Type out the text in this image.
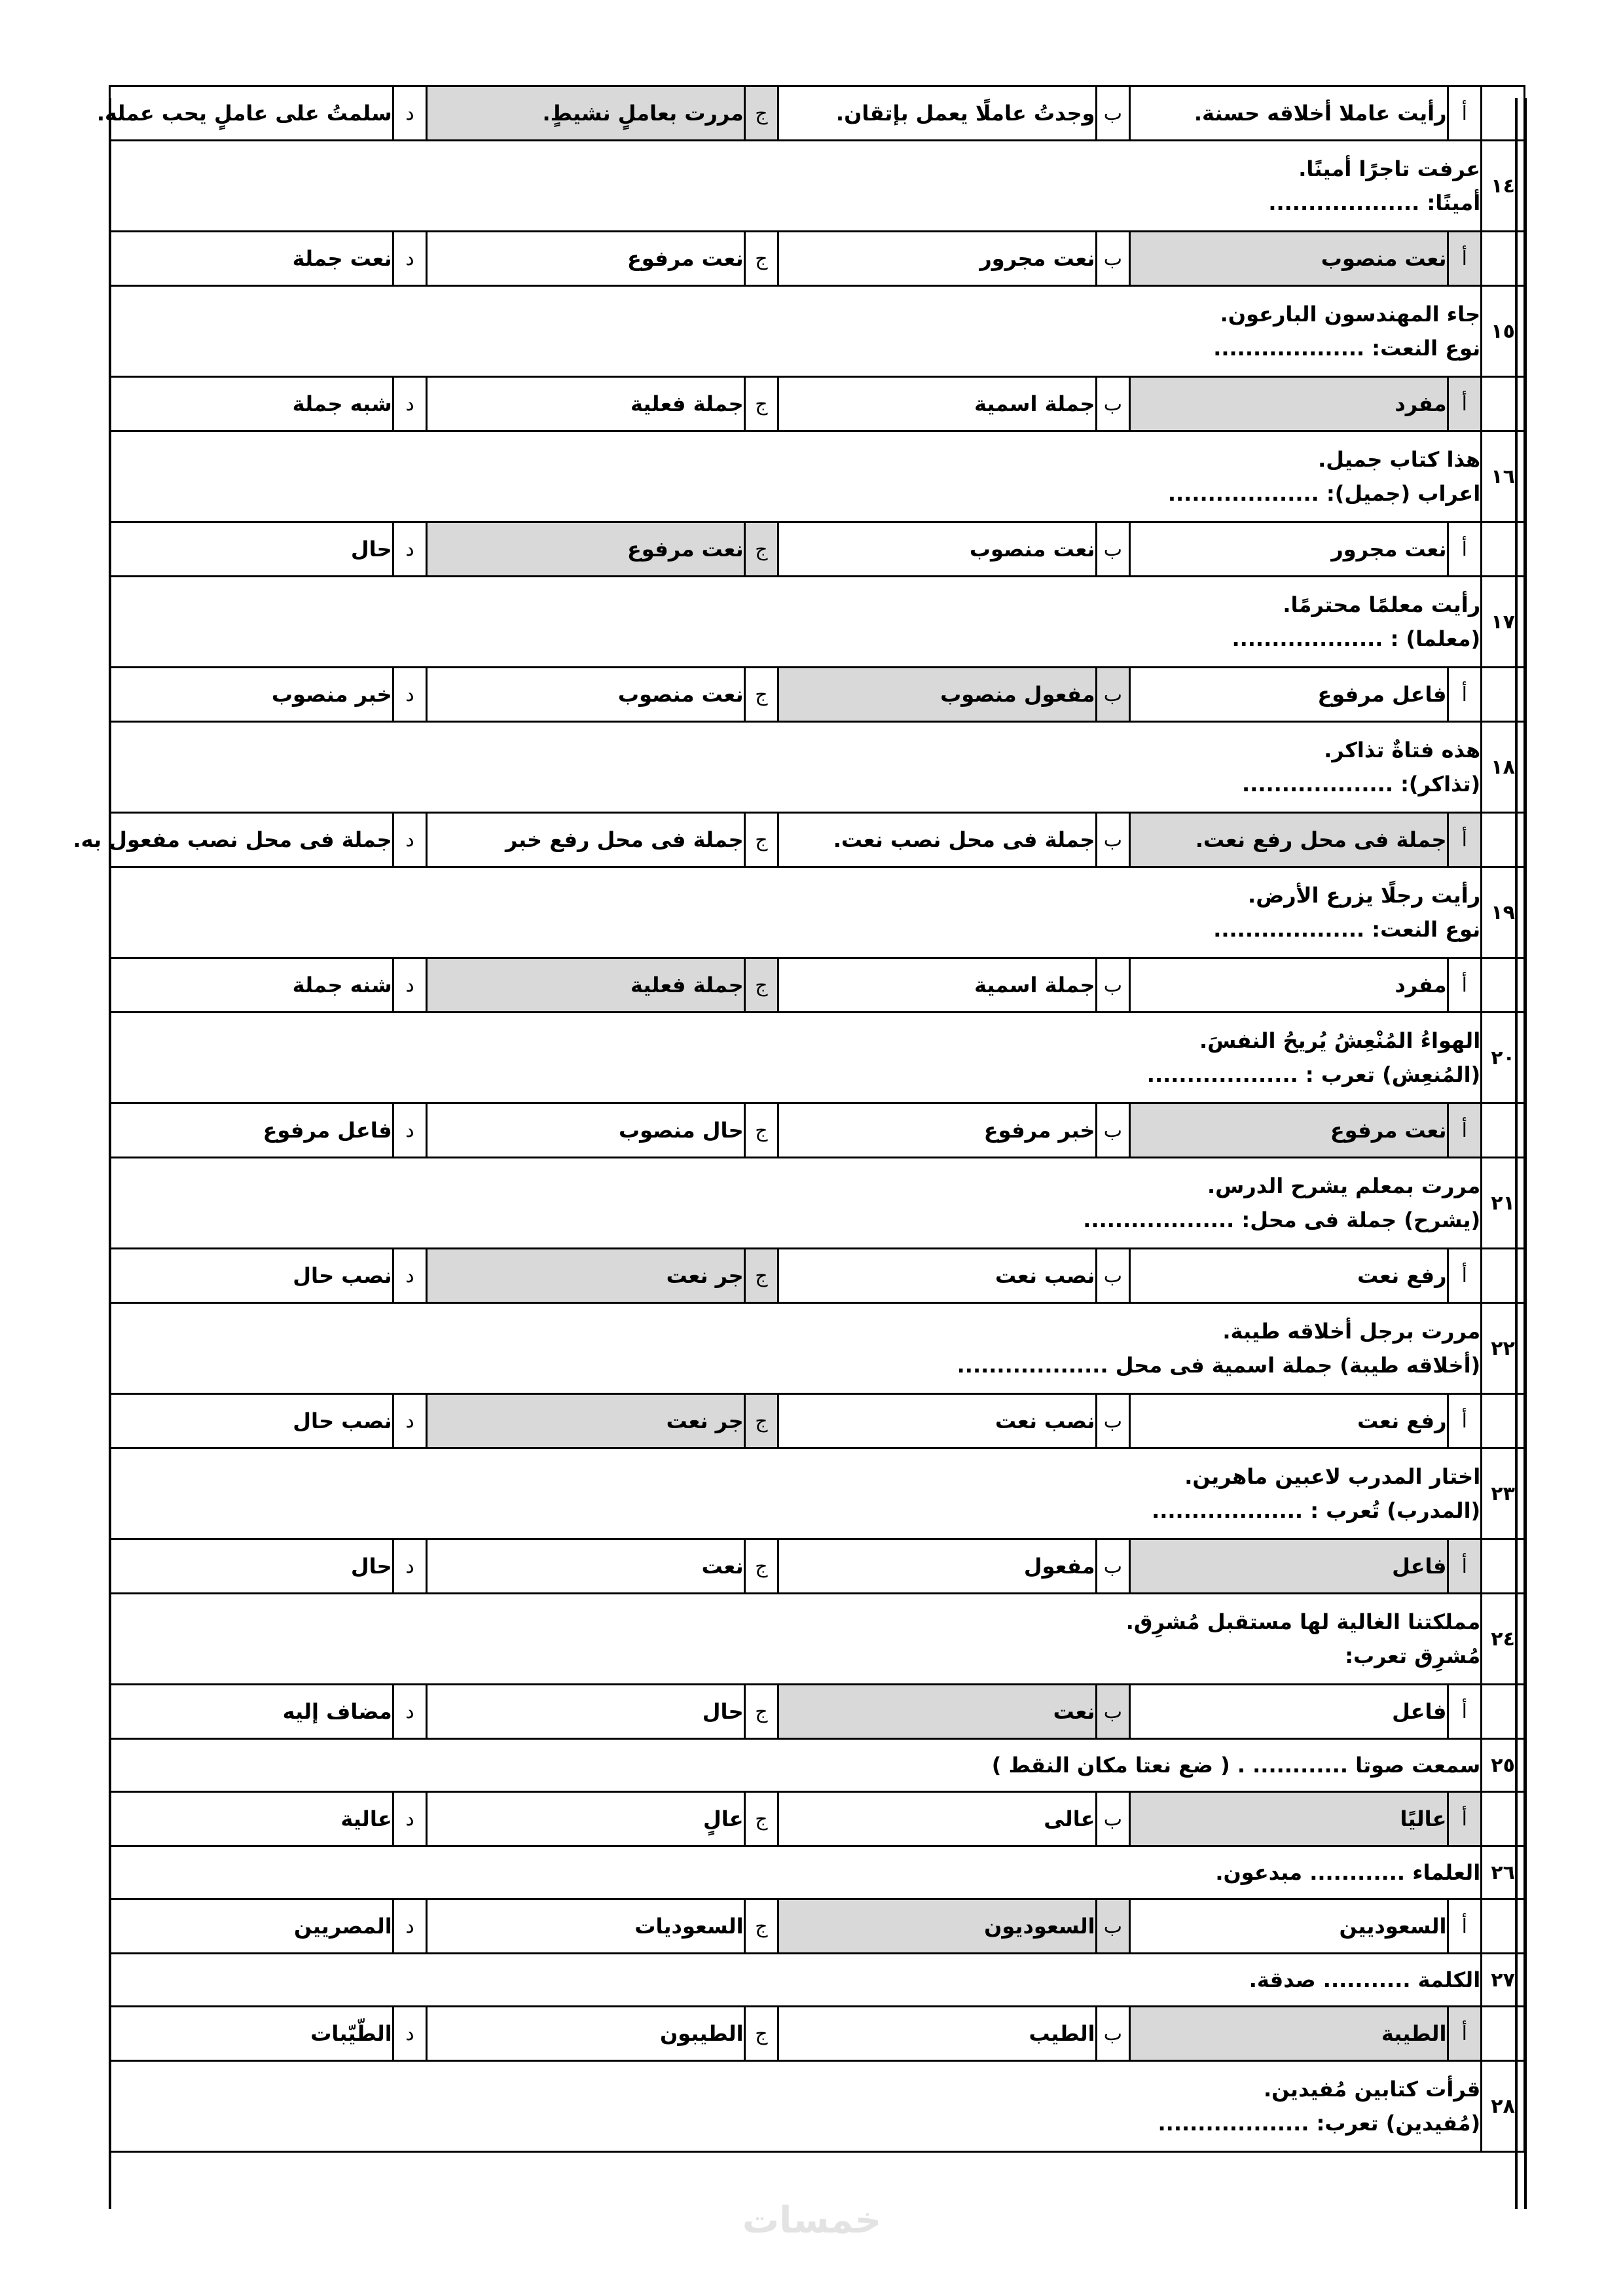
	أ	رأيت عاملا أخلاقه حسنة.	ب	وجدتُ عاملًا يعمل بإتقان.	ج	مررت بعاملٍ نشيطٍ.	د	سلمتُ على عاملٍ يحب عمله.
١٤	عرفت تاجرًا أمينًا.
أمينًا: ...................							

	أ	نعت منصوب	ب	نعت مجرور	ج	نعت مرفوع	د	نعت جملة
١٥	جاء المهندسون البارعون.
نوع النعت: ...................							

	أ	مفرد	ب	جملة اسمية	ج	جملة فعلية	د	شبه جملة
١٦	هذا كتاب جميل.
اعراب (جميل): ...................							

	أ	نعت مجرور	ب	نعت منصوب	ج	نعت مرفوع	د	حال
١٧	رأيت معلمًا محترمًا.
(معلما) : ...................							

	أ	فاعل مرفوع	ب	مفعول منصوب	ج	نعت منصوب	د	خبر منصوب
١٨	هذه فتاةٌ تذاكر.
(تذاكر): ...................							

	أ	جملة فى محل رفع نعت.	ب	جملة فى محل نصب نعت.	ج	جملة فى محل رفع خبر	د	جملة فى محل نصب مفعول به.
١٩	رأيت رجلًا يزرع الأرض.
نوع النعت: ...................							

	أ	مفرد	ب	جملة اسمية	ج	جملة فعلية	د	شنه جملة
٢٠	الهواءُ المُنْعِشُ يُريحُ النفسَ.
(المُنعِش) تعرب : ...................							

	أ	نعت مرفوع	ب	خبر مرفوع	ج	حال منصوب	د	فاعل مرفوع
٢١	مررت بمعلم يشرح الدرس.
(يشرح) جملة فى محل: ...................							

	أ	رفع نعت	ب	نصب نعت	ج	جر نعت	د	نصب حال
٢٢	مررت برجل أخلاقه طيبة.
(أخلاقه طيبة) جملة اسمية فى محل ...................							

	أ	رفع نعت	ب	نصب نعت	ج	جر نعت	د	نصب حال
٢٣	اختار المدرب لاعبين ماهرين.
(المدرب) تُعرب : ...................							

	أ	فاعل	ب	مفعول	ج	نعت	د	حال
٢٤	مملكتنا الغالية لها مستقبل مُشرِق.
مُشرِق تعرب:							

	أ	فاعل	ب	نعت	ج	حال	د	مضاف إليه
٢٥	سمعت صوتا ............ . ( ضع نعتا مكان النقط )							

	أ	عاليًا	ب	عالى	ج	عالٍ	د	عالية
٢٦	العلماء ............ مبدعون.							

	أ	السعوديين	ب	السعوديون	ج	السعوديات	د	المصريين
٢٧	الكلمة ........... صدقة.							

	أ	الطيبة	ب	الطيب	ج	الطيبون	د	الطّيّبات
٢٨	قرأت كتابين مُفيدين.
(مُفيدين) تعرب: ...................							
خمسات
